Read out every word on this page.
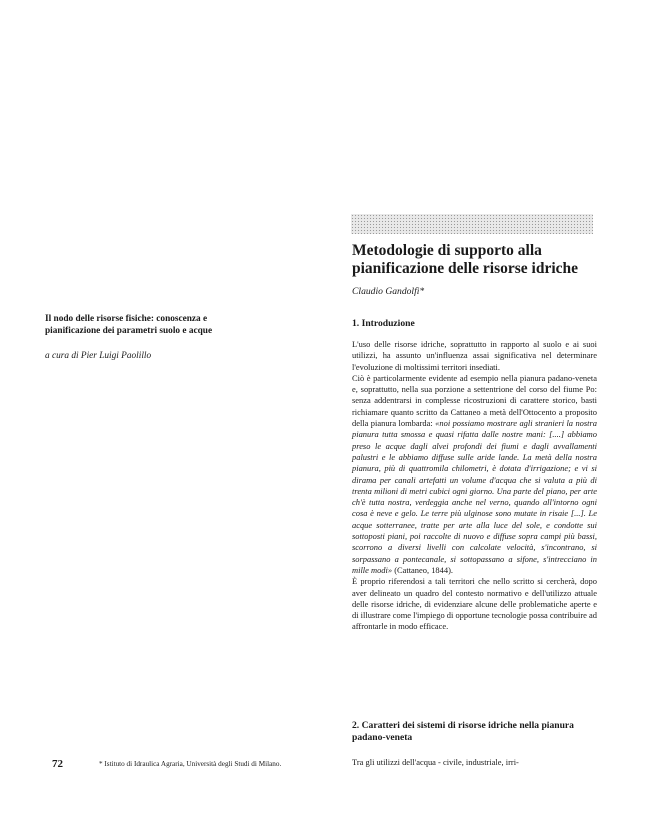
Metodologie di supporto alla
pianificazione delle risorse idriche
Claudio Gandolfi*

Il nodo delle risorse fisiche: conoscenza e
pianificazione dei parametri suolo e acque

a cura di Pier Luigi Paolillo

1. Introduzione

L'uso delle risorse idriche, soprattutto in rapporto al suolo e ai suoi utilizzi, ha assunto un'influenza assai significativa nel determinare l'evoluzione di moltissimi territori insediati.

Ciò è particolarmente evidente ad esempio nella pianura padano-veneta e, soprattutto, nella sua porzione a settentrione del corso del fiume Po: senza addentrarsi in complesse ricostruzioni di carattere storico, basti richiamare quanto scritto da Cattaneo a metà dell'Ottocento a proposito della pianura lombarda: «noi possiamo mostrare agli stranieri la nostra pianura tutta smossa e quasi rifatta dalle nostre mani: [....] abbiamo preso le acque dagli alvei profondi dei fiumi e dagli avvallamenti palustri e le abbiamo diffuse sulle aride lande. La metà della nostra pianura, più di quattromila chilometri, è dotata d'irrigazione; e vi si dirama per canali artefatti un volume d'acqua che si valuta a più di trenta milioni di metri cubici ogni giorno. Una parte del piano, per arte ch'è tutta nostra, verdeggia anche nel verno, quando all'intorno ogni cosa è neve e gelo. Le terre più ulginose sono mutate in risaie [...]. Le acque sotterranee, tratte per arte alla luce del sole, e condotte sui sottoposti piani, poi raccolte di nuovo e diffuse sopra campi più bassi, scorrono a diversi livelli con calcolate velocità, s'incontrano, si sorpassano a pontecanale, si sottopassano a sifone, s'intrecciano in mille modi» (Cattaneo, 1844).

È proprio riferendosi a tali territori che nello scritto si cercherà, dopo aver delineato un quadro del contesto normativo e dell'utilizzo attuale delle risorse idriche, di evidenziare alcune delle problematiche aperte e di illustrare come l'impiego di opportune tecnologie possa contribuire ad affrontarle in modo efficace.

2. Caratteri dei sistemi di risorse idriche nella pianura padano-veneta
Tra gli utilizzi dell'acqua - civile, industriale, irri-
72	* Istituto di Idraulica Agraria, Università degli Studi di Milano.
